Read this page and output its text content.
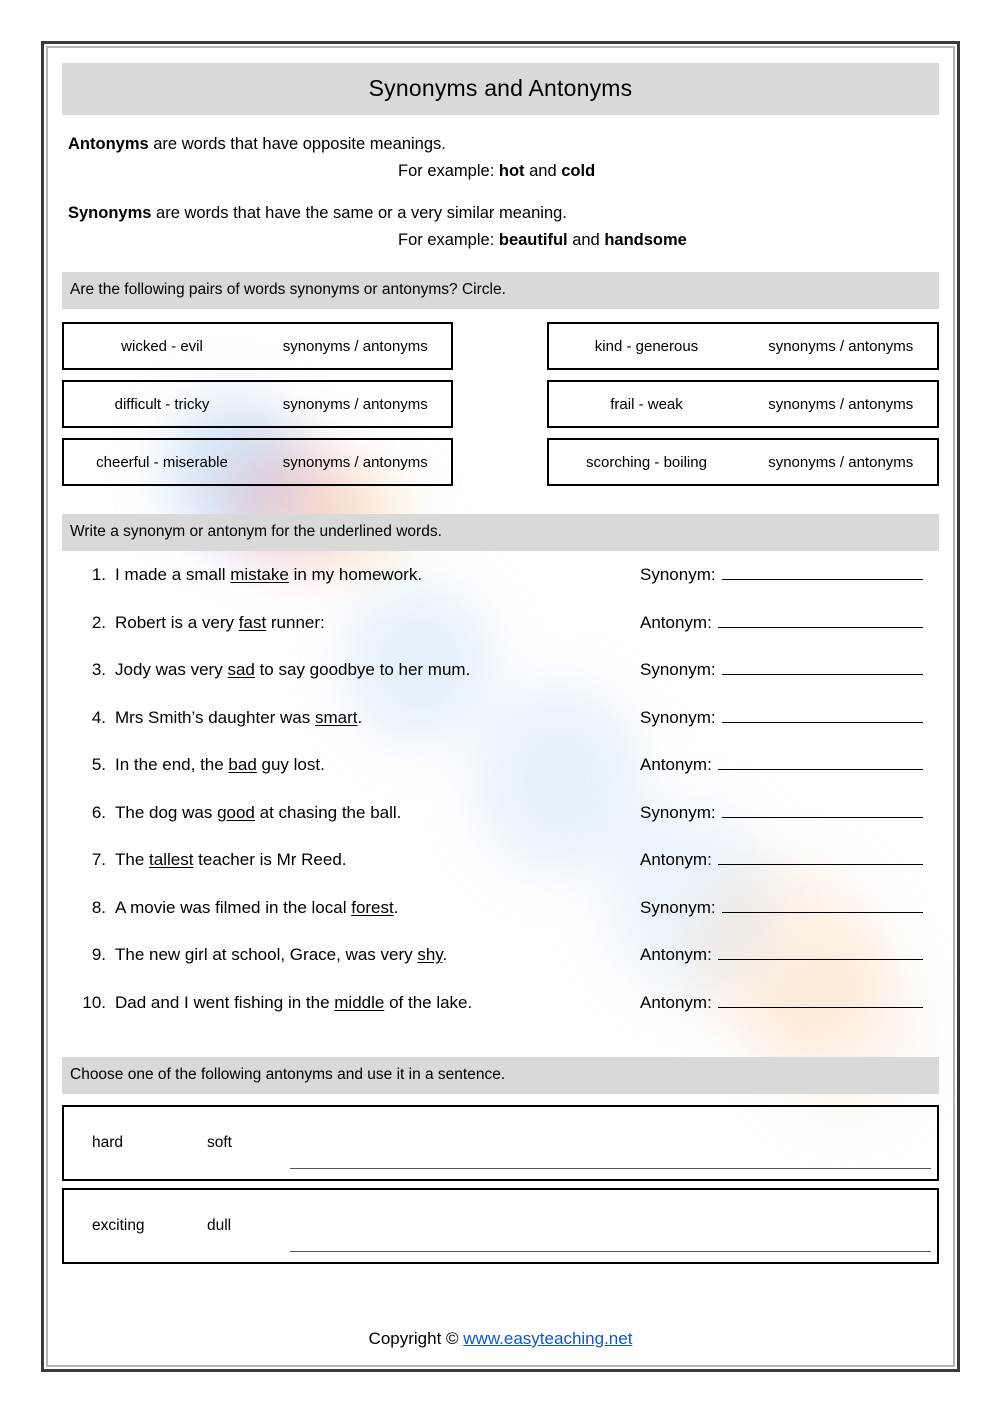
Synonyms and Antonyms
Antonyms are words that have opposite meanings.
For example: hot and cold
Synonyms are words that have the same or a very similar meaning.
For example: beautiful and handsome
Are the following pairs of words synonyms or antonyms? Circle.
wicked - evil	synonyms / antonyms
difficult - tricky	synonyms / antonyms
cheerful - miserable	synonyms / antonyms
kind - generous	synonyms / antonyms
frail - weak	synonyms / antonyms
scorching - boiling	synonyms / antonyms
Write a synonym or antonym for the underlined words.
1. I made a small mistake in my homework.	Synonym:
2. Robert is a very fast runner:	Antonym:
3. Jody was very sad to say goodbye to her mum.	Synonym:
4. Mrs Smith’s daughter was smart.	Synonym:
5. In the end, the bad guy lost.	Antonym:
6. The dog was good at chasing the ball.	Synonym:
7. The tallest teacher is Mr Reed.	Antonym:
8. A movie was filmed in the local forest.	Synonym:
9. The new girl at school, Grace, was very shy.	Antonym:
10. Dad and I went fishing in the middle of the lake.	Antonym:
Choose one of the following antonyms and use it in a sentence.
hard	soft
exciting	dull
Copyright © www.easyteaching.net
